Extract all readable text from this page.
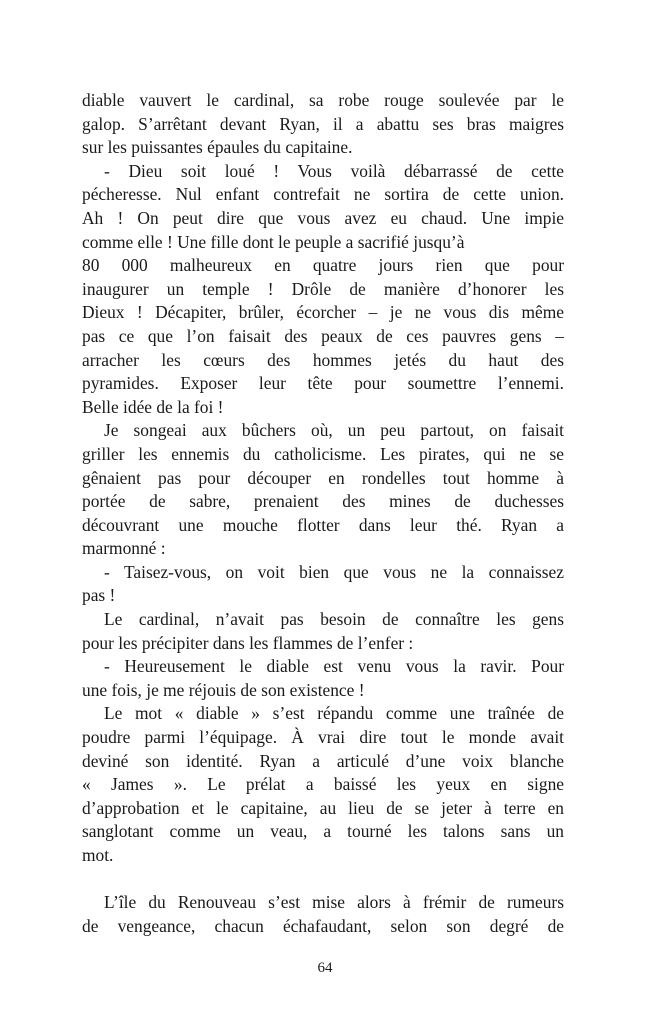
diable vauvert le cardinal, sa robe rouge soulevée par le
galop. S’arrêtant devant Ryan, il a abattu ses bras maigres
sur les puissantes épaules du capitaine.
- Dieu soit loué ! Vous voilà débarrassé de cette
pécheresse. Nul enfant contrefait ne sortira de cette union.
Ah ! On peut dire que vous avez eu chaud. Une impie
comme elle ! Une fille dont le peuple a sacrifié jusqu’à
80 000 malheureux en quatre jours rien que pour
inaugurer un temple ! Drôle de manière d’honorer les
Dieux ! Décapiter, brûler, écorcher – je ne vous dis même
pas ce que l’on faisait des peaux de ces pauvres gens –
arracher les cœurs des hommes jetés du haut des
pyramides. Exposer leur tête pour soumettre l’ennemi.
Belle idée de la foi !
Je songeai aux bûchers où, un peu partout, on faisait
griller les ennemis du catholicisme. Les pirates, qui ne se
gênaient pas pour découper en rondelles tout homme à
portée de sabre, prenaient des mines de duchesses
découvrant une mouche flotter dans leur thé. Ryan a
marmonné :
- Taisez-vous, on voit bien que vous ne la connaissez
pas !
Le cardinal, n’avait pas besoin de connaître les gens
pour les précipiter dans les flammes de l’enfer :
- Heureusement le diable est venu vous la ravir. Pour
une fois, je me réjouis de son existence !
Le mot « diable » s’est répandu comme une traînée de
poudre parmi l’équipage. À vrai dire tout le monde avait
deviné son identité. Ryan a articulé d’une voix blanche
« James ». Le prélat a baissé les yeux en signe
d’approbation et le capitaine, au lieu de se jeter à terre en
sanglotant comme un veau, a tourné les talons sans un
mot.
L’île du Renouveau s’est mise alors à frémir de rumeurs
de vengeance, chacun échafaudant, selon son degré de
64
